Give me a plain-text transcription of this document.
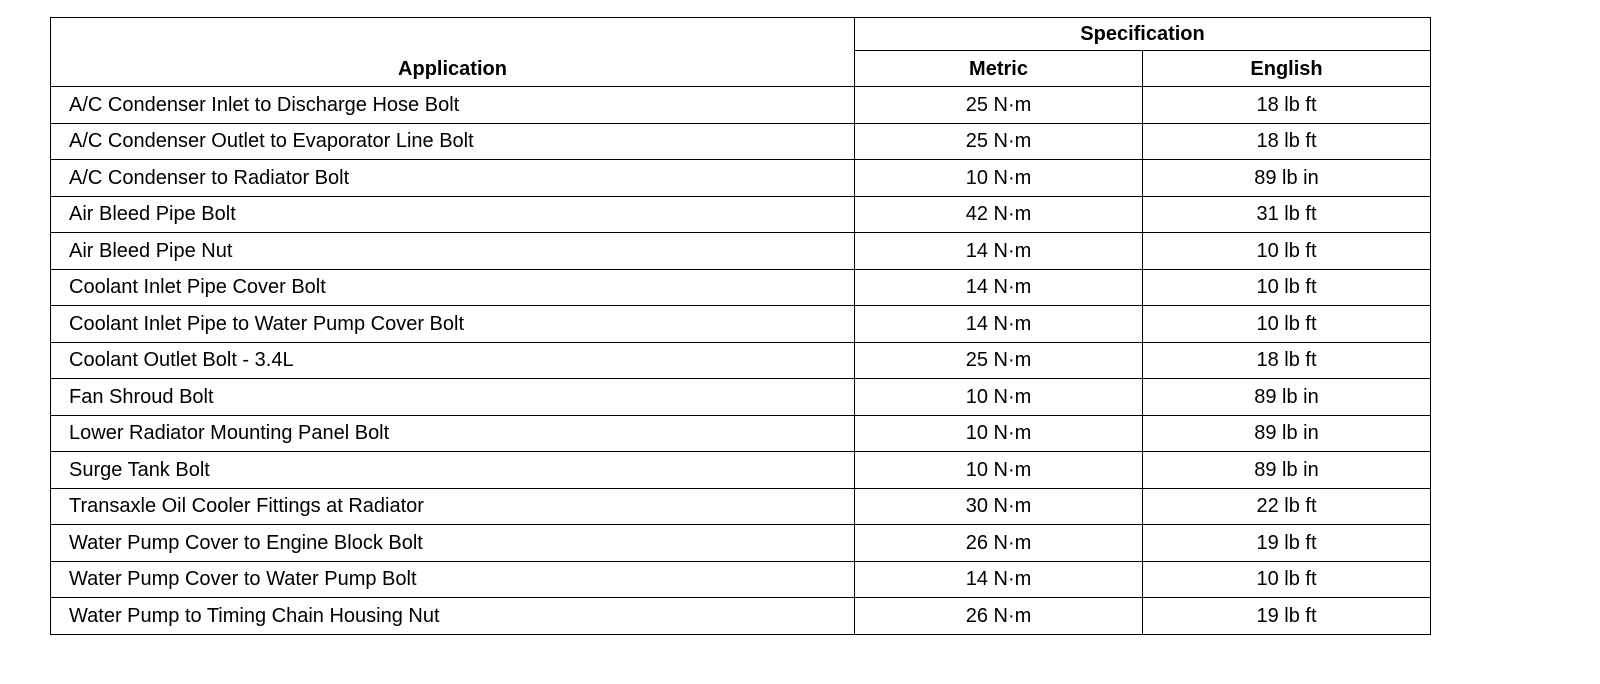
Application	Specification	
	Metric	English
A/C Condenser Inlet to Discharge Hose Bolt	25 N·m	18 lb ft
A/C Condenser Outlet to Evaporator Line Bolt	25 N·m	18 lb ft
A/C Condenser to Radiator Bolt	10 N·m	89 lb in
Air Bleed Pipe Bolt	42 N·m	31 lb ft
Air Bleed Pipe Nut	14 N·m	10 lb ft
Coolant Inlet Pipe Cover Bolt	14 N·m	10 lb ft
Coolant Inlet Pipe to Water Pump Cover Bolt	14 N·m	10 lb ft
Coolant Outlet Bolt - 3.4L	25 N·m	18 lb ft
Fan Shroud Bolt	10 N·m	89 lb in
Lower Radiator Mounting Panel Bolt	10 N·m	89 lb in
Surge Tank Bolt	10 N·m	89 lb in
Transaxle Oil Cooler Fittings at Radiator	30 N·m	22 lb ft
Water Pump Cover to Engine Block Bolt	26 N·m	19 lb ft
Water Pump Cover to Water Pump Bolt	14 N·m	10 lb ft
Water Pump to Timing Chain Housing Nut	26 N·m	19 lb ft
